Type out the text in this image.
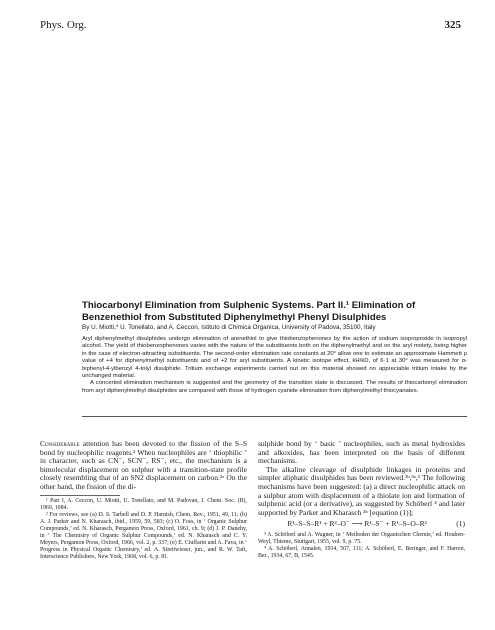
Phys. Org.	325
Thiocarbonyl Elimination from Sulphenic Systems. Part II.¹ Elimination of Benzenethiol from Substituted Diphenylmethyl Phenyl Disulphides
By U. Miotti,* U. Tonellato, and A. Ceccon, Istituto di Chimica Organica, University of Padova, 35100, Italy

Aryl diphenylmethyl disulphides undergo elimination of arenethiol to give thiobenzophenones by the action of sodium isopropoxide in isopropyl alcohol. The yield of thiobenzophenones varies with the nature of the substituents both on the diphenylmethyl and on the aryl moiety, being higher in the case of electron-attracting substituents. The second-order elimination rate constants at 20° allow one to estimate an approximate Hammett ρ value of +4 for diphenylmethyl substituents and of +2 for aryl substituents. A kinetic isotope effect, kH/kD, of 6·1 at 30° was measured for α-biphenyl-4-ylbenzyl 4-tolyl disulphide. Tritium exchange experiments carried out on this material showed no appreciable tritium intake by the unchanged material.

A concerted elimination mechanism is suggested and the geometry of the transition state is discussed. The results of thiocarbonyl elimination from aryl diphenylmethyl disulphides are compared with those of hydrogen cyanide elimination from diphenylmethyl thiocyanates.

Considerable attention has been devoted to the fission of the S–S bond by nucleophilic reagents.² When nucleophiles are ‘ thiophilic ’ in character, such as CN⁻, SCN⁻, RS⁻, etc., the mechanism is a bimolecular displacement on sulphur with a transition-state profile closely resembling that of an SN2 displacement on carbon.²ᵃ On the other hand, the fission of the di-

¹ Part I, A. Ceccon, U. Miotti, U. Tonellato, and M. Padovan, J. Chem. Soc. (B), 1969, 1084.

² For reviews, see (a) D. S. Tarbell and D. P. Harnish, Chem. Rev., 1951, 49, 11; (b) A. J. Parker and N. Kharasch, ibid., 1959, 59, 583; (c) O. Foss, in ‘ Organic Sulphur Compounds,’ ed. N. Kharasch, Pergamon Press, Oxford, 1961, ch. 9; (d) J. P. Danehy, in ‘ The Chemistry of Organic Sulphur Compounds,’ ed. N. Kharasch and C. Y. Meyers, Pergamon Press, Oxford, 1966, vol. 2, p. 337; (e) E. Ciuffarin and A. Fava, in ‘ Progress in Physical Organic Chemistry,’ ed. A. Streitwieser, jun., and R. W. Taft, Interscience Publishers, New York, 1968, vol. 6, p. 81.

sulphide bond by ‘ basic ’ nucleophiles, such as metal hydroxides and alkoxides, has been interpreted on the basis of different mechanisms.

The alkaline cleavage of disulphide linkages in proteins and simpler aliphatic disulphides has been reviewed.²ᵇ,³ᵃ,³ The following mechanisms have been suggested: (a) a direct nucleophilic attack on a sulphur atom with displacement of a thiolate ion and formation of sulphenic acid (or a derivative), as suggested by Schöberl ⁴ and later supported by Parker and Kharasch ²ᵇ [equation (1)];

R¹–S–S–R¹ + R²–O⁻ ⟶ R¹–S⁻ + R¹–S–O–R²	(1)

³ A. Schöberl and A. Wagner, in ‘ Methoden der Organischen Chemie,’ ed. Houben-Weyl, Thieme, Stuttgart, 1955, vol. 9, p. 75.

⁴ A. Schöberl, Annalen, 1934, 507, 111; A. Schöberl, E. Beringer, and F. Harren, Ber., 1934, 67, B, 1545.
